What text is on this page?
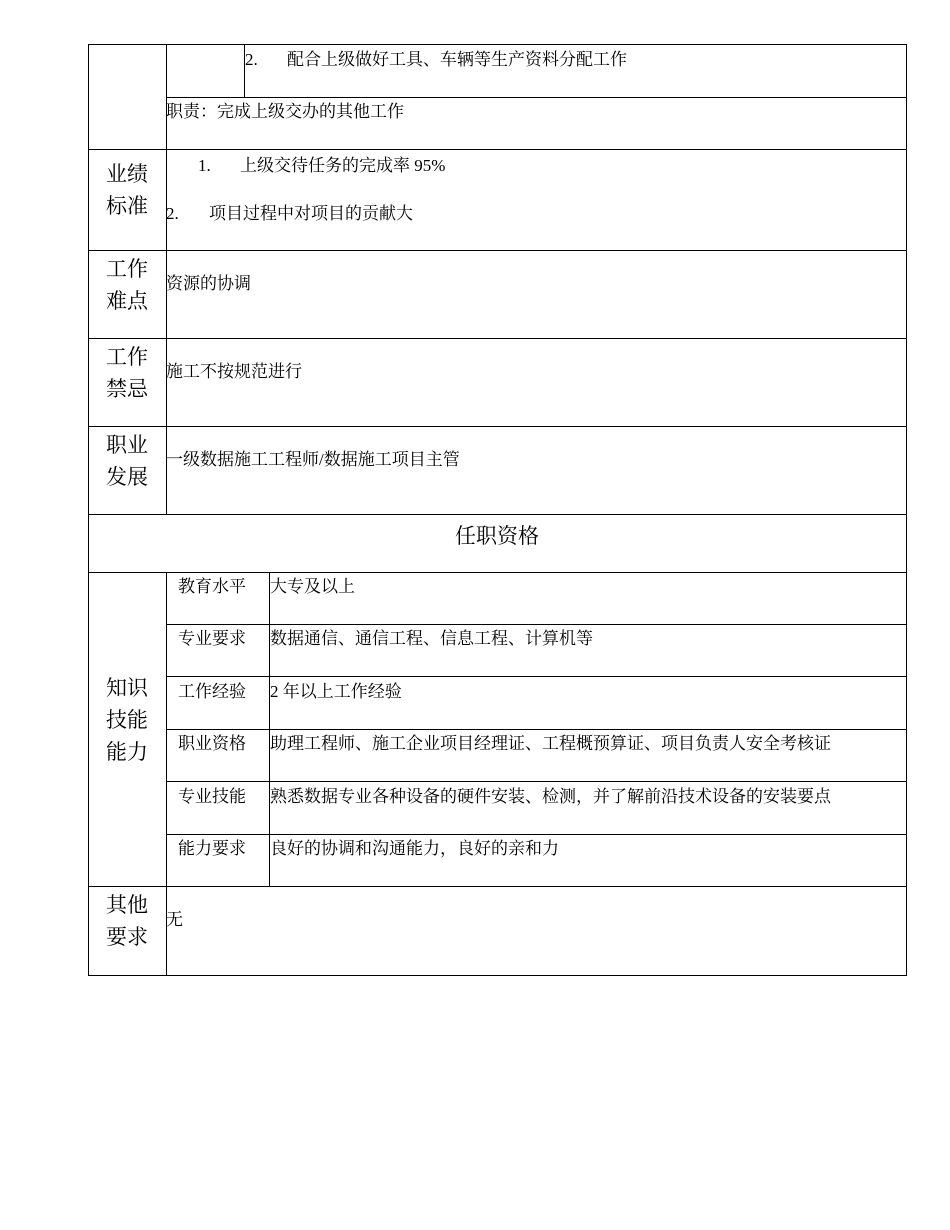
2. 配合上级做好工具、车辆等生产资料分配工作
职责：完成上级交办的其他工作
业绩
标准
1. 上级交待任务的完成率 95%
2. 项目过程中对项目的贡献大
工作
难点
资源的协调
工作
禁忌
施工不按规范进行
职业
发展
一级数据施工工程师/数据施工项目主管
任职资格
知识
技能
能力
教育水平 大专及以上
专业要求 数据通信、通信工程、信息工程、计算机等
工作经验 2 年以上工作经验
职业资格 助理工程师、施工企业项目经理证、工程概预算证、项目负责人安全考核证
专业技能 熟悉数据专业各种设备的硬件安装、检测，并了解前沿技术设备的安装要点
能力要求 良好的协调和沟通能力，良好的亲和力
其他
要求
无
